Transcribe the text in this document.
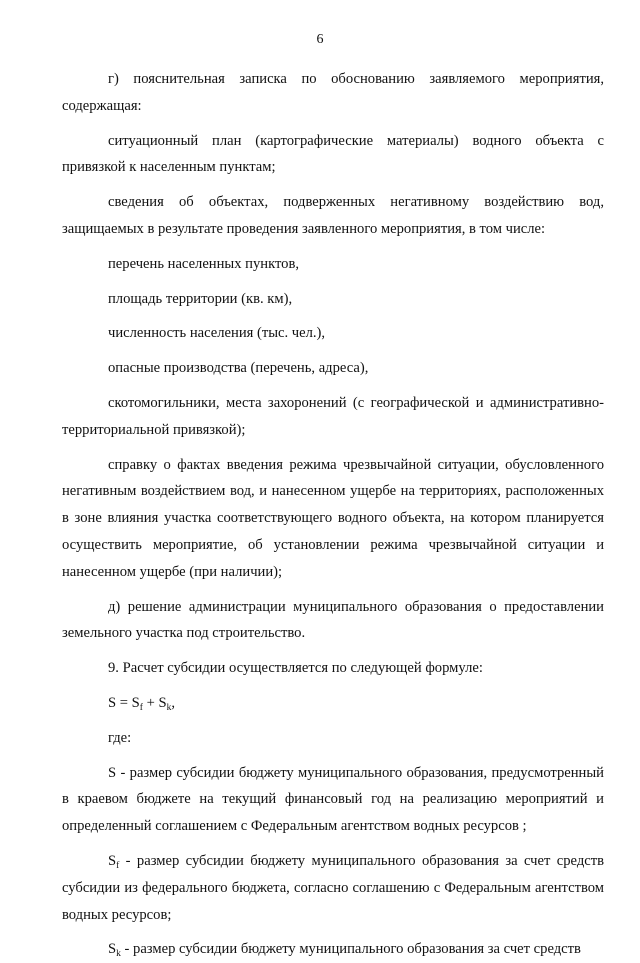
6

г) пояснительная записка по обоснованию заявляемого мероприятия, содержащая:

ситуационный план (картографические материалы) водного объекта с привязкой к населенным пунктам;

сведения об объектах, подверженных негативному воздействию вод, защищаемых в результате проведения заявленного мероприятия, в том числе:

перечень населенных пунктов,

площадь территории (кв. км),

численность населения (тыс. чел.),

опасные производства (перечень, адреса),

скотомогильники, места захоронений (с географической и административно-территориальной привязкой);

справку о фактах введения режима чрезвычайной ситуации, обусловленного негативным воздействием вод, и нанесенном ущербе на территориях, расположенных в зоне влияния участка соответствующего водного объекта, на котором планируется осуществить мероприятие, об установлении режима чрезвычайной ситуации и нанесенном ущербе (при наличии);

д) решение администрации муниципального образования о предоставлении земельного участка под строительство.

9. Расчет субсидии осуществляется по следующей формуле:

$S = S_f + S_k$,

где:

S - размер субсидии бюджету муниципального образования, предусмотренный в краевом бюджете на текущий финансовый год на реализацию мероприятий и определенный соглашением с Федеральным агентством водных ресурсов ;

$S_f$ - размер субсидии бюджету муниципального образования за счет средств субсидии из федерального бюджета, согласно соглашению с Федеральным агентством водных ресурсов;

$S_k$ - размер субсидии бюджету муниципального образования за счет средств
